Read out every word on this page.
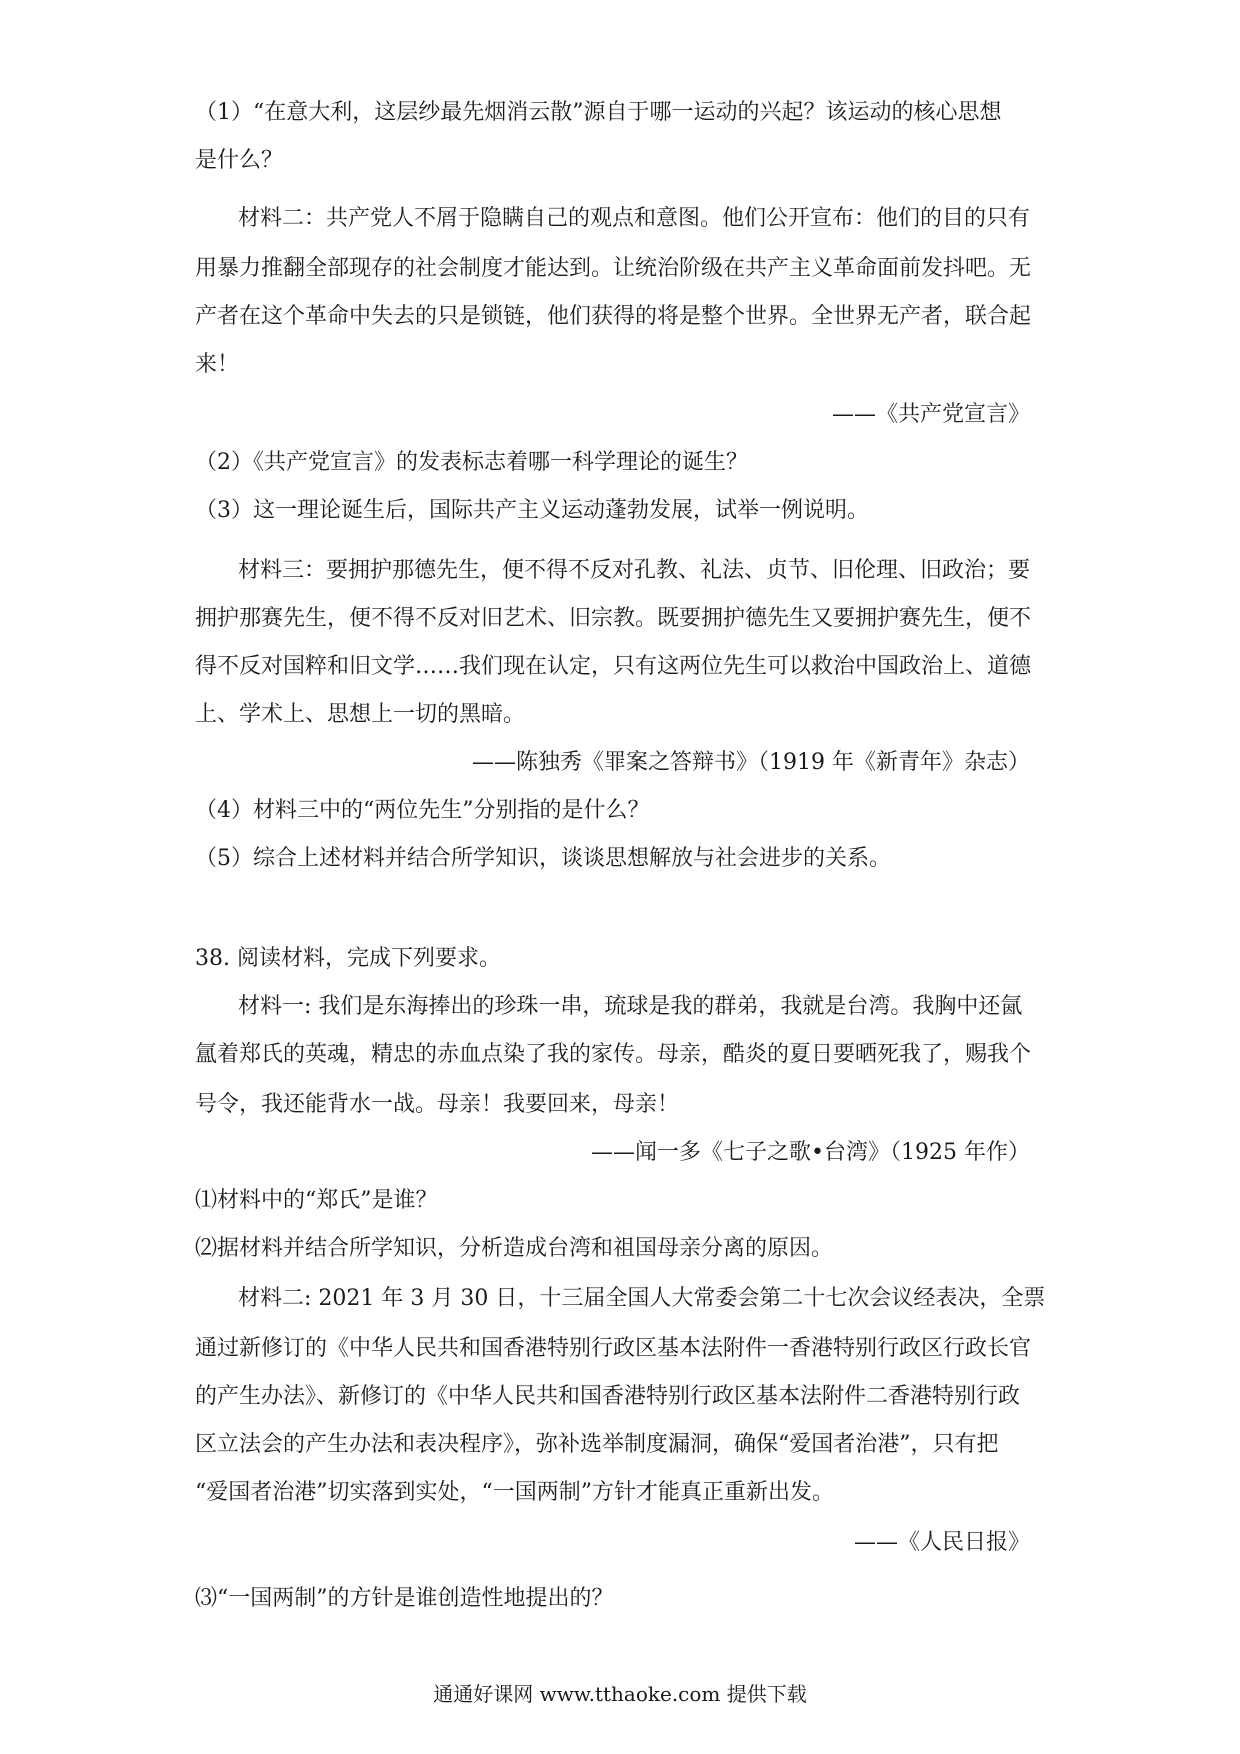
（1）“在意大利，这层纱最先烟消云散”源自于哪一运动的兴起？该运动的核心思想
是什么？
材料二：共产党人不屑于隐瞒自己的观点和意图。他们公开宣布：他们的目的只有
用暴力推翻全部现存的社会制度才能达到。让统治阶级在共产主义革命面前发抖吧。无
产者在这个革命中失去的只是锁链，他们获得的将是整个世界。全世界无产者，联合起
来！
——《共产党宣言》
（2）《共产党宣言》的发表标志着哪一科学理论的诞生？
（3）这一理论诞生后，国际共产主义运动蓬勃发展，试举一例说明。
材料三：要拥护那德先生，便不得不反对孔教、礼法、贞节、旧伦理、旧政治；要
拥护那赛先生，便不得不反对旧艺术、旧宗教。既要拥护德先生又要拥护赛先生，便不
得不反对国粹和旧文学……我们现在认定，只有这两位先生可以救治中国政治上、道德
上、学术上、思想上一切的黑暗。
——陈独秀《罪案之答辩书》（1919 年《新青年》杂志）
（4）材料三中的“两位先生”分别指的是什么？
（5）综合上述材料并结合所学知识，谈谈思想解放与社会进步的关系。
38. 阅读材料，完成下列要求。
材料一: 我们是东海捧出的珍珠一串，琉球是我的群弟，我就是台湾。我胸中还氤
氲着郑氏的英魂，精忠的赤血点染了我的家传。母亲，酷炎的夏日要晒死我了，赐我个
号令，我还能背水一战。母亲！我要回来，母亲！
——闻一多《七子之歌•台湾》（1925 年作）
⑴材料中的“郑氏”是谁？
⑵据材料并结合所学知识，分析造成台湾和祖国母亲分离的原因。
材料二: 2021 年 3 月 30 日，十三届全国人大常委会第二十七次会议经表决，全票
通过新修订的《中华人民共和国香港特别行政区基本法附件一香港特别行政区行政长官
的产生办法》、新修订的《中华人民共和国香港特别行政区基本法附件二香港特别行政
区立法会的产生办法和表决程序》，弥补选举制度漏洞，确保“爱国者治港”，只有把
“爱国者治港”切实落到实处，“一国两制”方针才能真正重新出发。
——《人民日报》
⑶“一国两制”的方针是谁创造性地提出的？
通通好课网 www.tthaoke.com 提供下载
